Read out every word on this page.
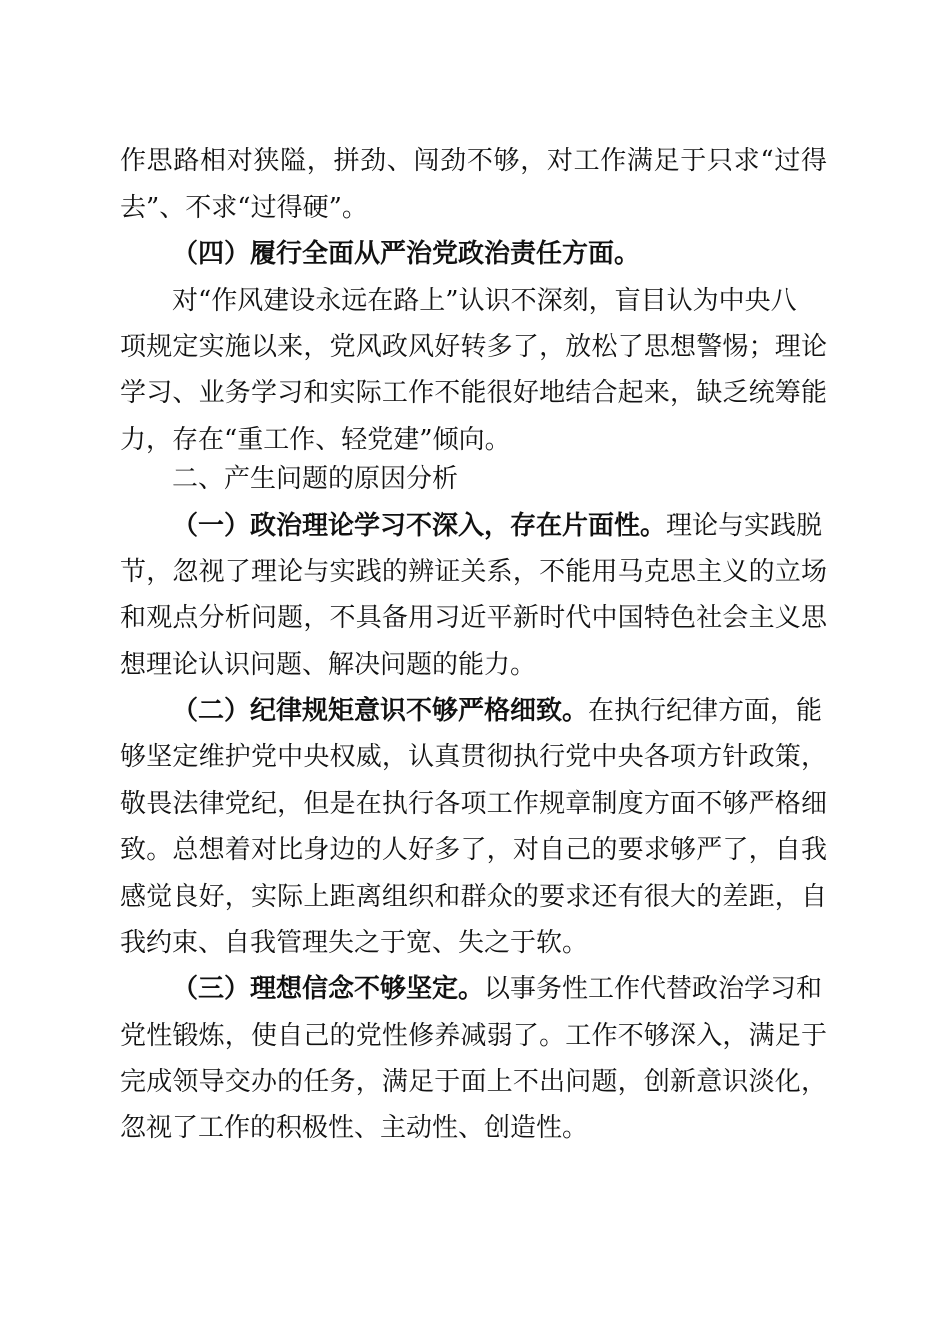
作思路相对狭隘，拼劲、闯劲不够，对工作满足于只求“过得
去”、不求“过得硬”。
（四）履行全面从严治党政治责任方面。
对“作风建设永远在路上”认识不深刻，盲目认为中央八
项规定实施以来，党风政风好转多了，放松了思想警惕；理论
学习、业务学习和实际工作不能很好地结合起来，缺乏统筹能
力，存在“重工作、轻党建”倾向。
二、产生问题的原因分析
（一）政治理论学习不深入，存在片面性。理论与实践脱
节，忽视了理论与实践的辨证关系，不能用马克思主义的立场
和观点分析问题，不具备用习近平新时代中国特色社会主义思
想理论认识问题、解决问题的能力。
（二）纪律规矩意识不够严格细致。在执行纪律方面，能
够坚定维护党中央权威，认真贯彻执行党中央各项方针政策，
敬畏法律党纪，但是在执行各项工作规章制度方面不够严格细
致。总想着对比身边的人好多了，对自己的要求够严了，自我
感觉良好，实际上距离组织和群众的要求还有很大的差距，自
我约束、自我管理失之于宽、失之于软。
（三）理想信念不够坚定。以事务性工作代替政治学习和
党性锻炼，使自己的党性修养减弱了。工作不够深入，满足于
完成领导交办的任务，满足于面上不出问题，创新意识淡化，
忽视了工作的积极性、主动性、创造性。
